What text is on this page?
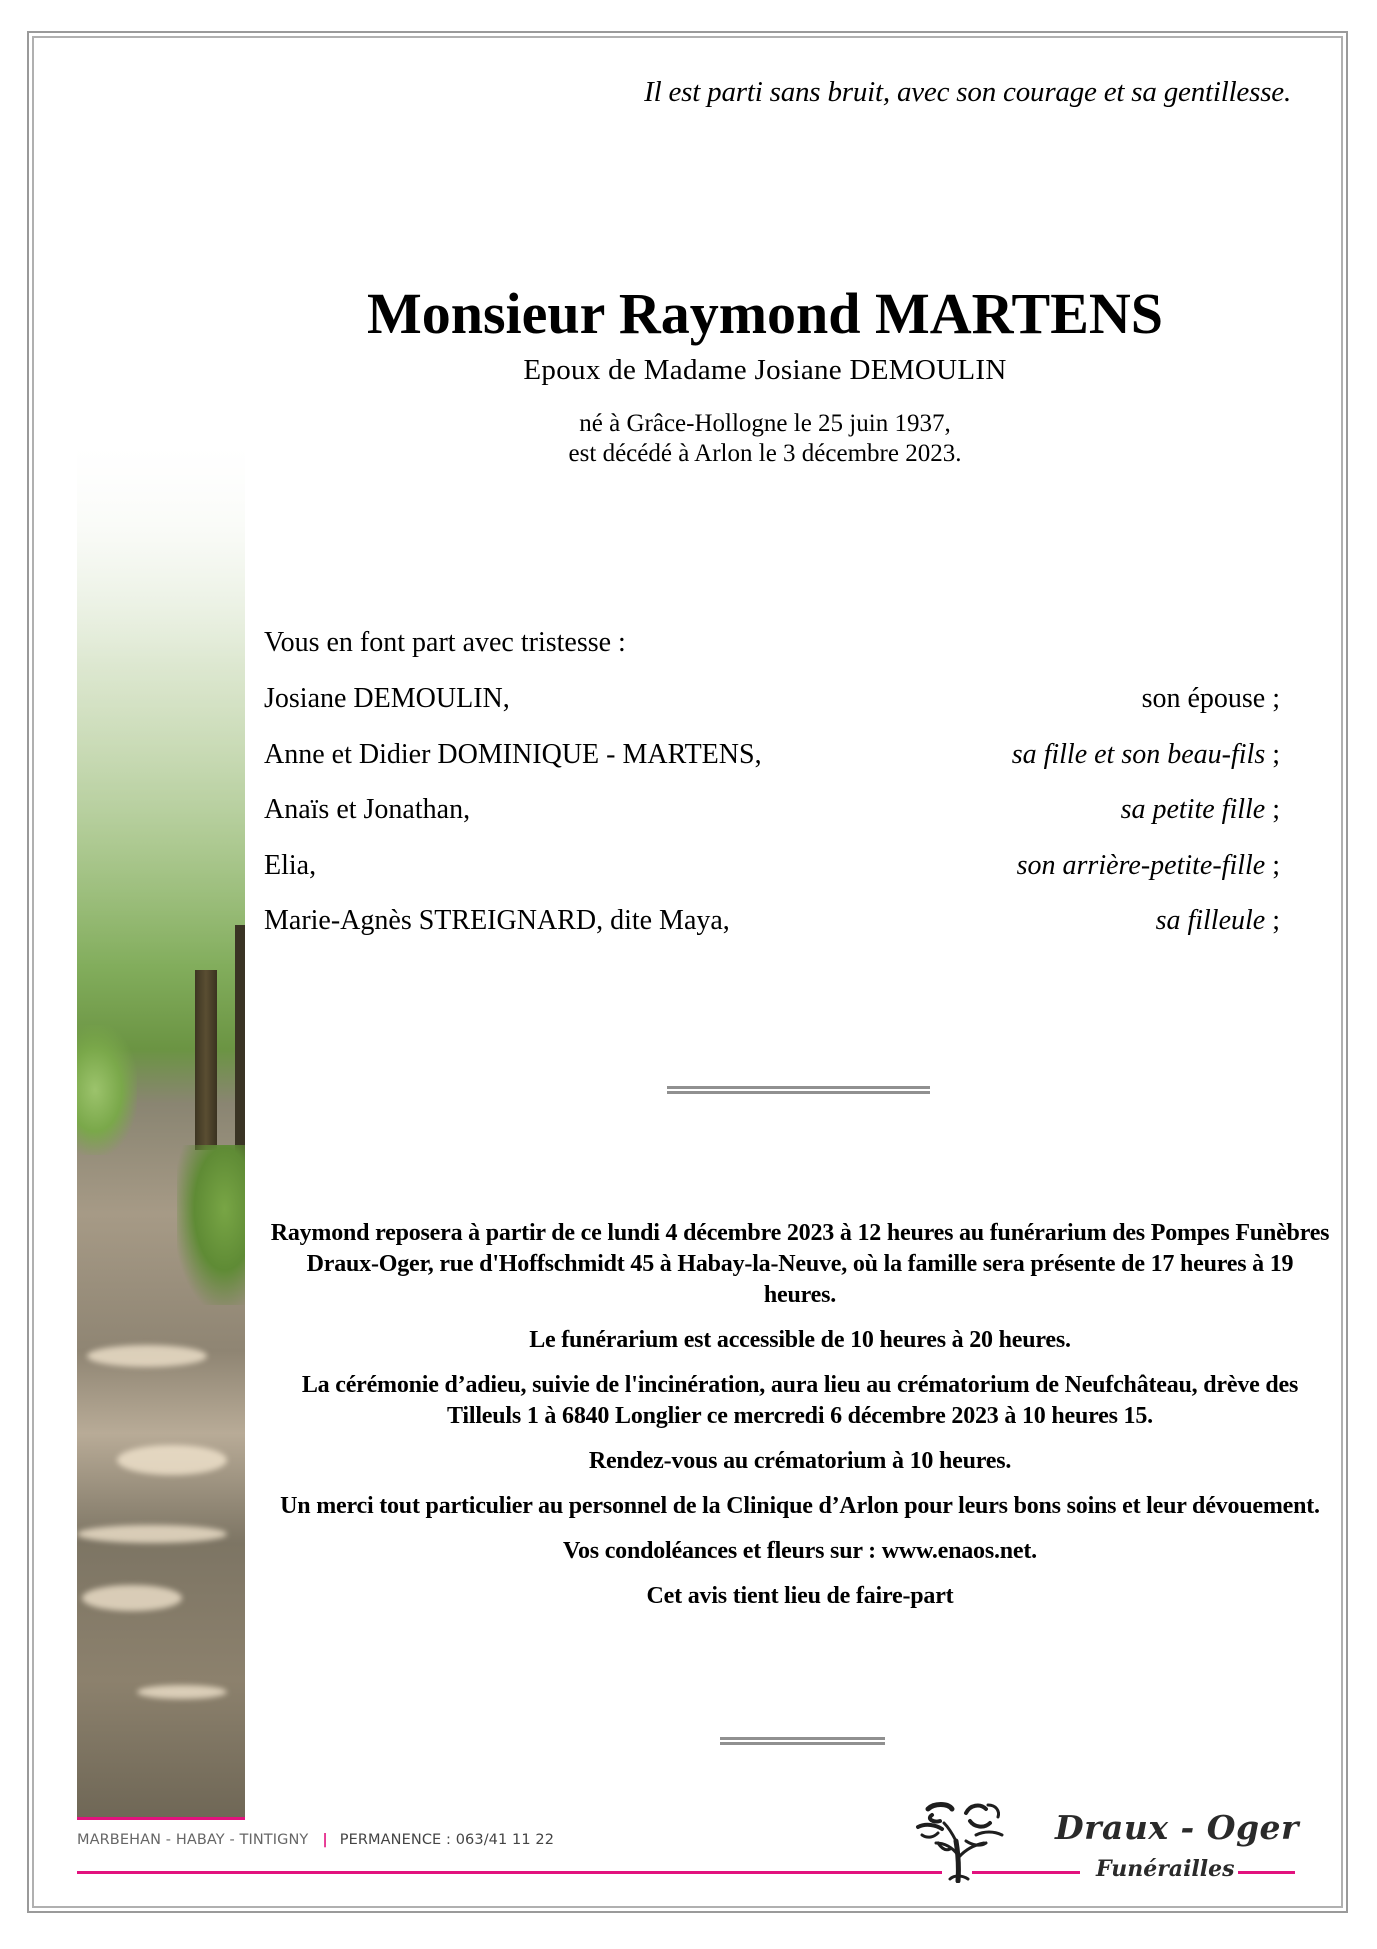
Il est parti sans bruit, avec son courage et sa gentillesse.
Monsieur Raymond MARTENS
Epoux de Madame Josiane DEMOULIN
né à Grâce-Hollogne le 25 juin 1937,
est décédé à Arlon le 3 décembre 2023.
Vous en font part avec tristesse :
Josiane DEMOULIN,	son épouse ;
Anne et Didier DOMINIQUE - MARTENS,	sa fille et son beau-fils ;
Anaïs et Jonathan,	sa petite fille ;
Elia,	son arrière-petite-fille ;
Marie-Agnès STREIGNARD, dite Maya,	sa filleule ;

Raymond reposera à partir de ce lundi 4 décembre 2023 à 12 heures au funérarium des Pompes Funèbres Draux-Oger, rue d'Hoffschmidt 45 à Habay-la-Neuve, où la famille sera présente de 17 heures à 19 heures.

Le funérarium est accessible de 10 heures à 20 heures.

La cérémonie d’adieu, suivie de l'incinération, aura lieu au crématorium de Neufchâteau, drève des Tilleuls 1 à 6840 Longlier ce mercredi 6 décembre 2023 à 10 heures 15.

Rendez-vous au crématorium à 10 heures.

Un merci tout particulier au personnel de la Clinique d’Arlon pour leurs bons soins et leur dévouement.

Vos condoléances et fleurs sur : www.enaos.net.

Cet avis tient lieu de faire-part

MARBEHAN - HABAY - TINTIGNY | PERMANENCE : 063/41 11 22	Draux - Oger
Funérailles
